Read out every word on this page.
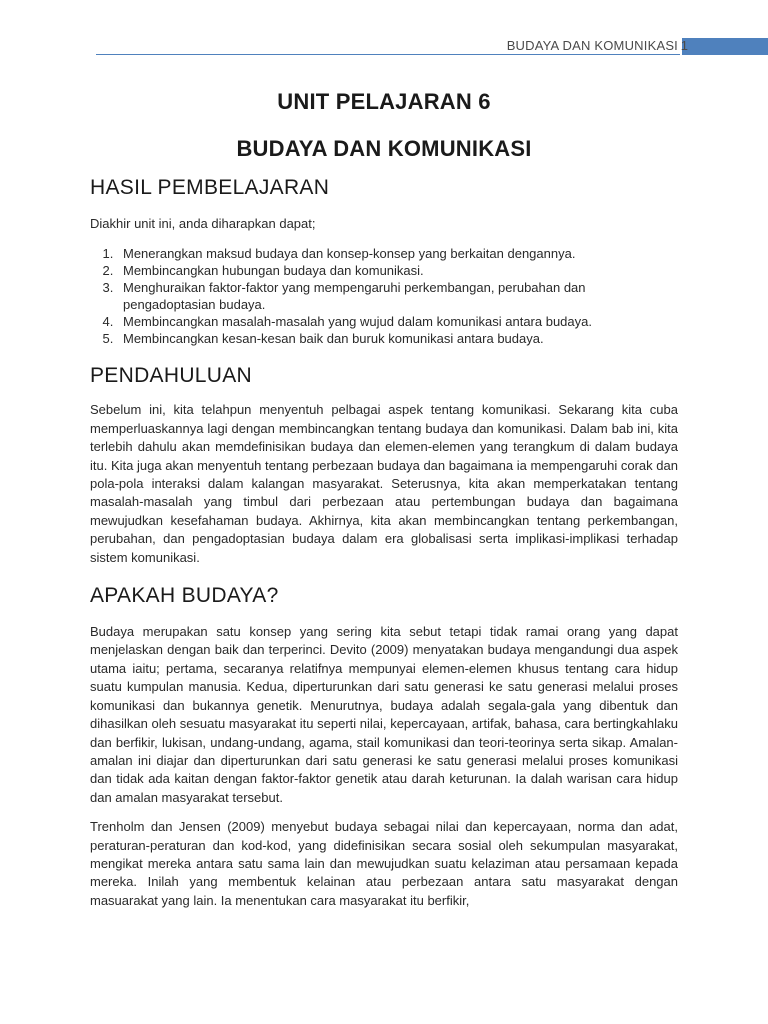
BUDAYA DAN KOMUNIKASI 1
UNIT PELAJARAN 6
BUDAYA DAN KOMUNIKASI
HASIL PEMBELAJARAN

Diakhir unit ini, anda diharapkan dapat;

1. Menerangkan maksud budaya dan konsep-konsep yang berkaitan dengannya.
2. Membincangkan hubungan budaya dan komunikasi.
3. Menghuraikan faktor-faktor yang mempengaruhi perkembangan, perubahan dan pengadoptasian budaya.
4. Membincangkan masalah-masalah yang wujud dalam komunikasi antara budaya.
5. Membincangkan kesan-kesan baik dan buruk komunikasi antara budaya.
PENDAHULUAN

Sebelum ini, kita telahpun menyentuh pelbagai aspek tentang komunikasi. Sekarang kita cuba memperluaskannya lagi dengan membincangkan tentang budaya dan komunikasi. Dalam bab ini, kita terlebih dahulu akan memdefinisikan budaya dan elemen-elemen yang terangkum di dalam budaya itu. Kita juga akan menyentuh tentang perbezaan budaya dan bagaimana ia mempengaruhi corak dan pola-pola interaksi dalam kalangan masyarakat. Seterusnya, kita akan memperkatakan tentang masalah-masalah yang timbul dari perbezaan atau pertembungan budaya dan bagaimana mewujudkan kesefahaman budaya. Akhirnya, kita akan membincangkan tentang perkembangan, perubahan, dan pengadoptasian budaya dalam era globalisasi serta implikasi-implikasi terhadap sistem komunikasi.

APAKAH BUDAYA?

Budaya merupakan satu konsep yang sering kita sebut tetapi tidak ramai orang yang dapat menjelaskan dengan baik dan terperinci. Devito (2009) menyatakan budaya mengandungi dua aspek utama iaitu; pertama, secaranya relatifnya mempunyai elemen-elemen khusus tentang cara hidup suatu kumpulan manusia. Kedua, diperturunkan dari satu generasi ke satu generasi melalui proses komunikasi dan bukannya genetik. Menurutnya, budaya adalah segala-gala yang dibentuk dan dihasilkan oleh sesuatu masyarakat itu seperti nilai, kepercayaan, artifak, bahasa, cara bertingkahlaku dan berfikir, lukisan, undang-undang, agama, stail komunikasi dan teori-teorinya serta sikap. Amalan-amalan ini diajar dan diperturunkan dari satu generasi ke satu generasi melalui proses komunikasi dan tidak ada kaitan dengan faktor-faktor genetik atau darah keturunan. Ia dalah warisan cara hidup dan amalan masyarakat tersebut.

Trenholm dan Jensen (2009) menyebut budaya sebagai nilai dan kepercayaan, norma dan adat, peraturan-peraturan dan kod-kod, yang didefinisikan secara sosial oleh sekumpulan masyarakat, mengikat mereka antara satu sama lain dan mewujudkan suatu kelaziman atau persamaan kepada mereka. Inilah yang membentuk kelainan atau perbezaan antara satu masyarakat dengan masuarakat yang lain. Ia menentukan cara masyarakat itu berfikir,
